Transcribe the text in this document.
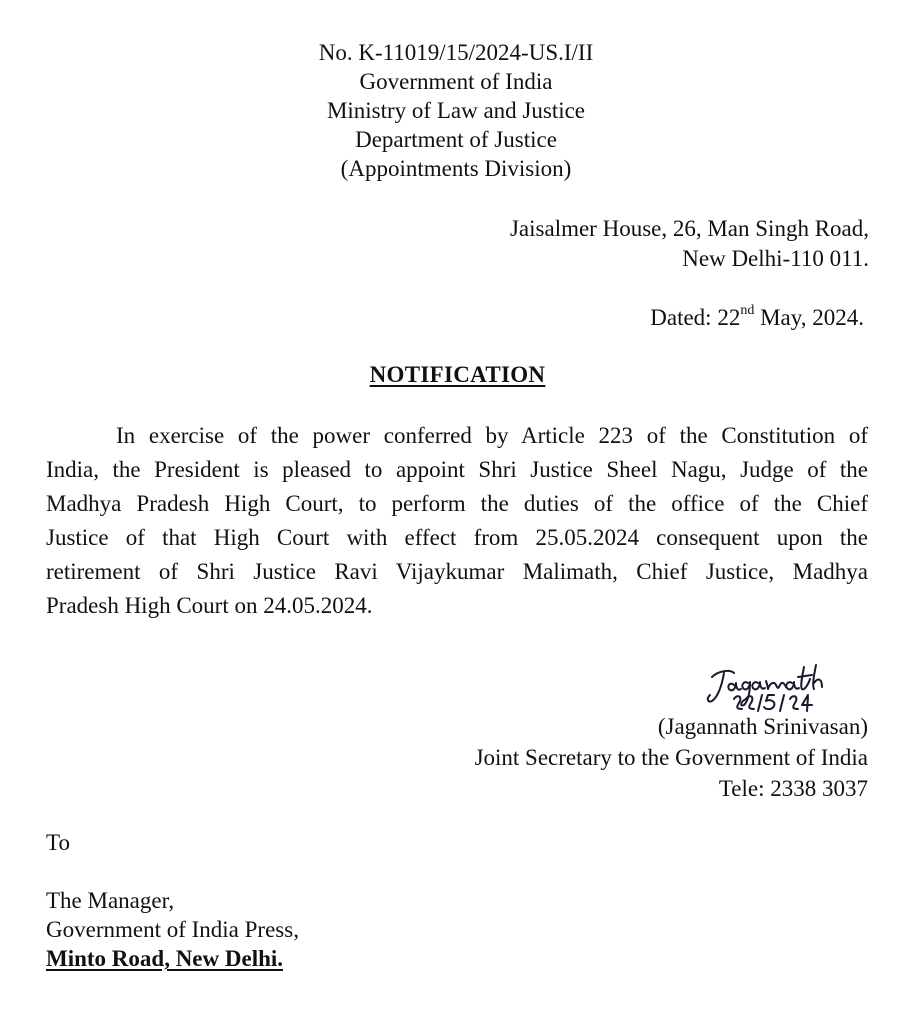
No. K-11019/15/2024-US.I/II
Government of India
Ministry of Law and Justice
Department of Justice
(Appointments Division)
Jaisalmer House, 26, Man Singh Road,
New Delhi-110 011.
Dated: 22nd May, 2024.
NOTIFICATION
In exercise of the power conferred by Article 223 of the Constitution of
India, the President is pleased to appoint Shri Justice Sheel Nagu, Judge of the
Madhya Pradesh High Court, to perform the duties of the office of the Chief
Justice of that High Court with effect from 25.05.2024 consequent upon the
retirement of Shri Justice Ravi Vijaykumar Malimath, Chief Justice, Madhya
Pradesh High Court on 24.05.2024.
(Jagannath Srinivasan)
Joint Secretary to the Government of India
Tele: 2338 3037
To
The Manager,
Government of India Press,
Minto Road, New Delhi.
